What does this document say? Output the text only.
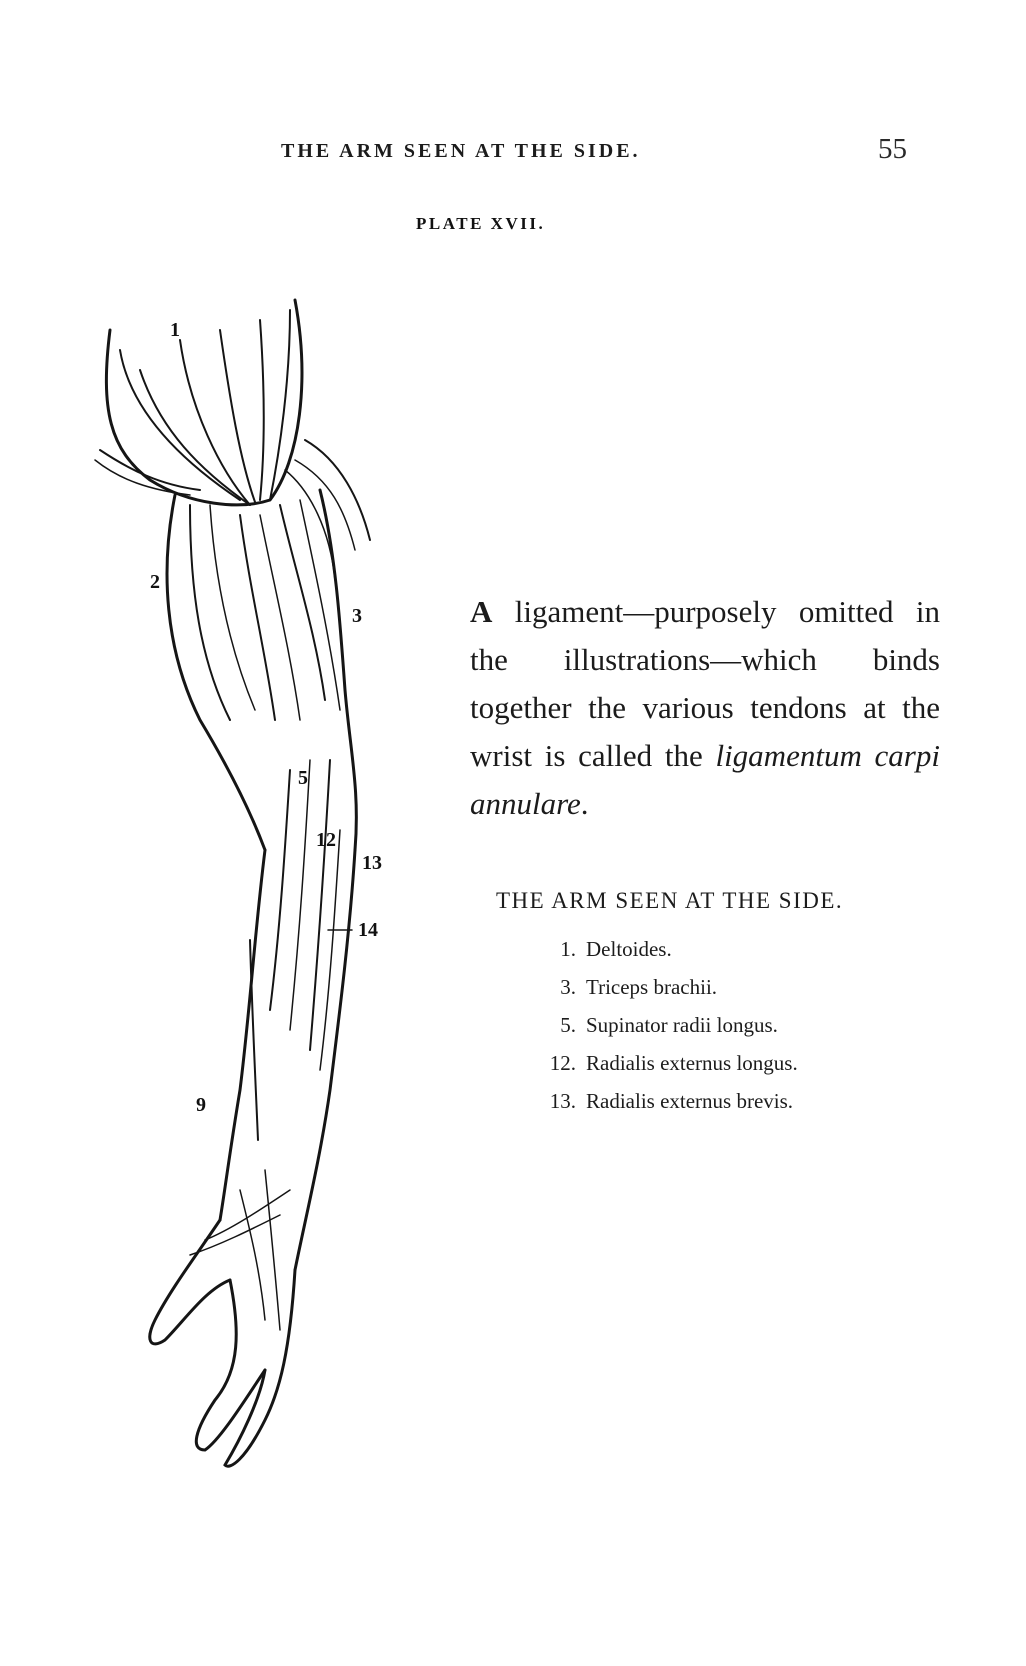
THE ARM SEEN AT THE SIDE.	55
PLATE XVII.
1
2
3
5
12
13
14
9
A ligament—purposely omitted in the illustrations—which binds together the various tendons at the wrist is called the ligamentum carpi annulare.
THE ARM SEEN AT THE SIDE.
1. Deltoides.
3. Triceps brachii.
5. Supinator radii longus.
12. Radialis externus longus.
13. Radialis externus brevis.
